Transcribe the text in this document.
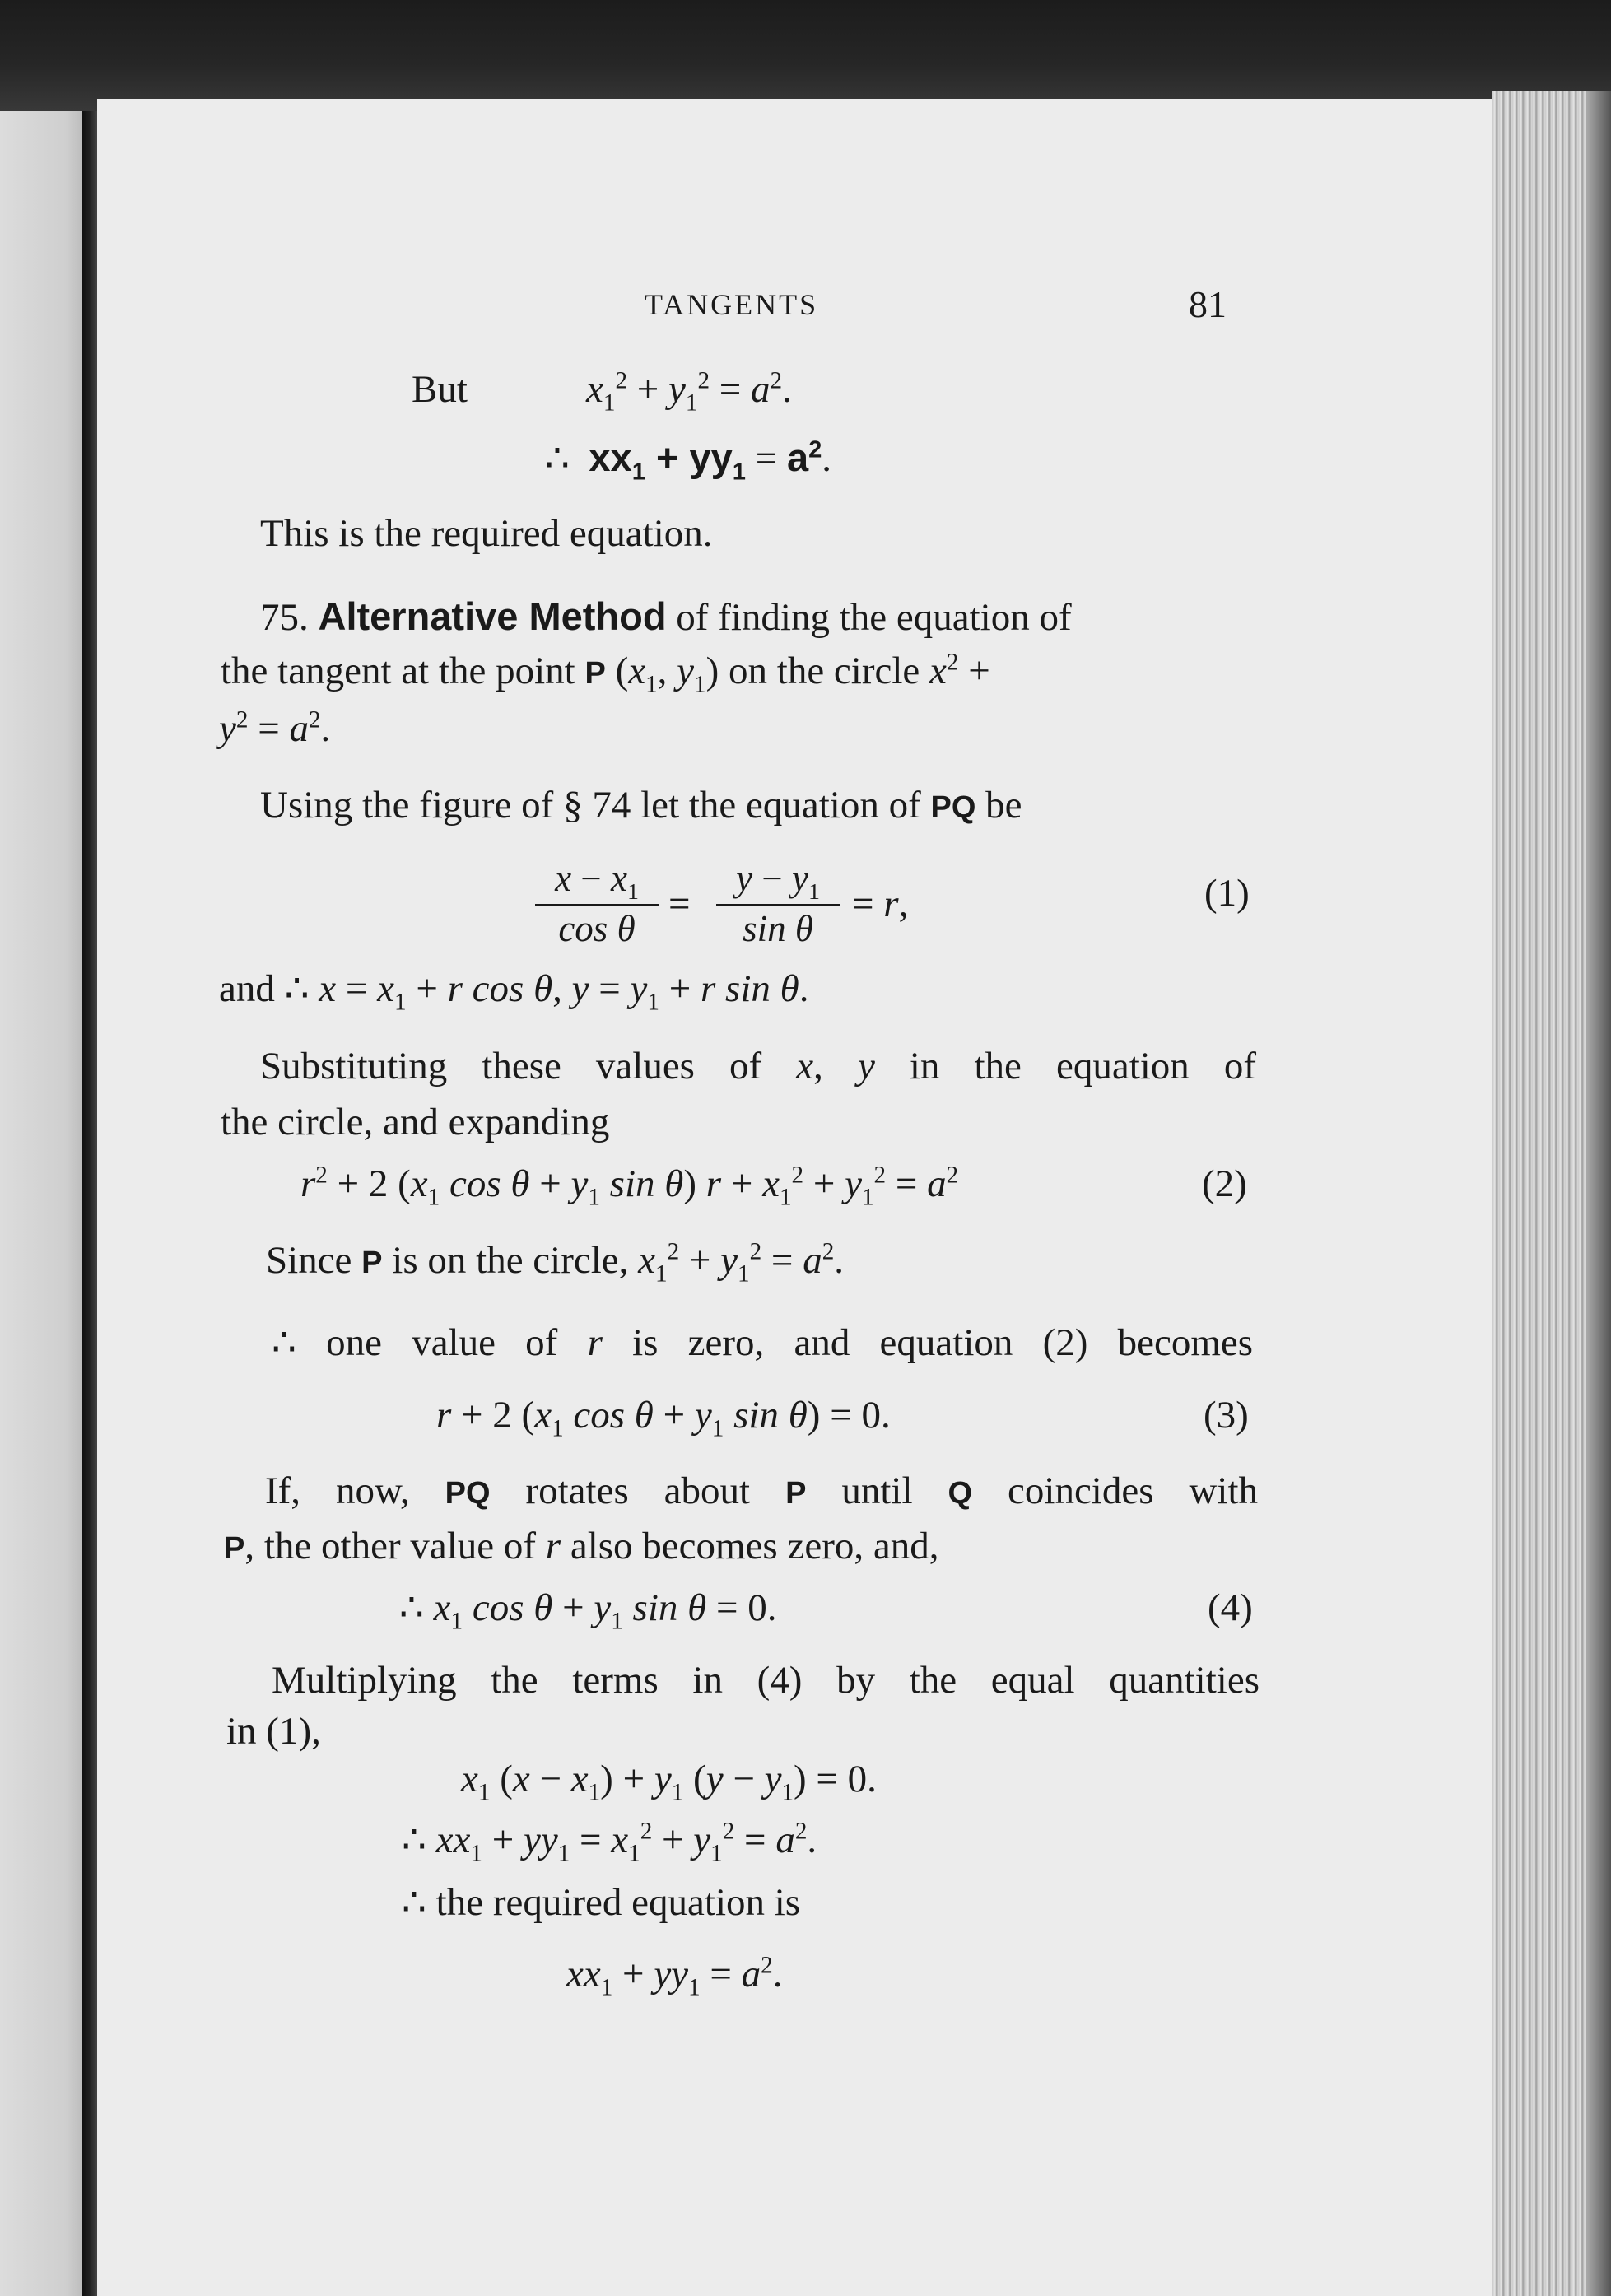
TANGENTS	81
But	$x_1^2 + y_1^2 = a^2$.
∴ $xx_1 + yy_1 = a^2$.
This is the required equation.
75. Alternative Method of finding the equation of
the tangent at the point P ($x_1$, $y_1$) on the circle $x^2$ +
$y^2 = a^2$.
Using the figure of § 74 let the equation of PQ be
$\frac{x - x_1}{\text{cos θ}} = \frac{y - y_1}{\text{sin θ}} = r$,	(1)
and ∴ $x = x_1 + r$ cos θ, $y = y_1 + r$ sin θ.
Substituting these values of x, y in the equation of
the circle, and expanding
$r^2 + 2$ ($x_1$ $\cos \theta + y_1$ sin θ) $r + x_1^2 + y_1^2 = a^2$	(2)
Since P is on the circle, $x_1^2 + y_1^2 = a^2$.
∴ one value of r is zero, and equation (2) becomes
r + 2 ($x_1$ $\cos \theta + y_1$ sin θ) = 0.	(3)
If, now, PQ rotates about P until Q coincides with
P, the other value of r also becomes zero, and,
∴ $x_1$ $\cos \theta + y_1$ sin θ = 0.	(4)
Multiplying the terms in (4) by the equal quantities
in (1),
$x_1$ $(x - x_1) + y_1$ $(y - y_1) = 0$.
∴ $xx_1 + yy_1 = x_1^2 + y_1^2 = a^2$.
∴ the required equation is
$xx_1 + yy_1 = a^2$.
